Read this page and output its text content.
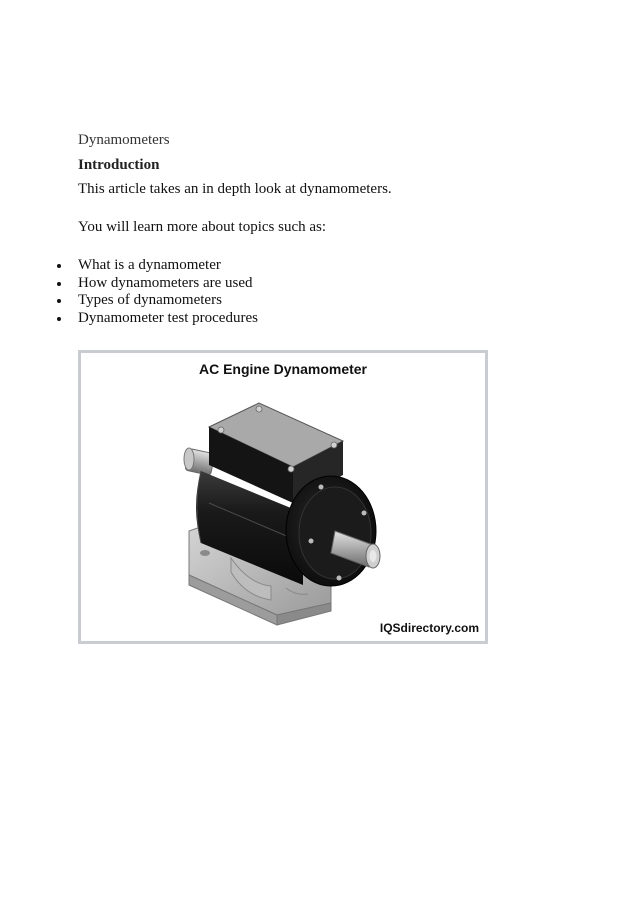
Dynamometers

Introduction

This article takes an in depth look at dynamometers.

You will learn more about topics such as:

What is a dynamometer
How dynamometers are used
Types of dynamometers
Dynamometer test procedures
AC Engine Dynamometer
IQSdirectory.com
